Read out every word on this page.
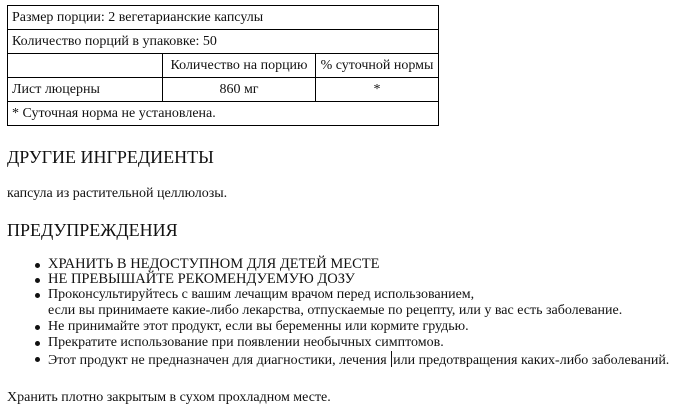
Размер порции: 2 вегетарианские капсулы		
Количество порций в упаковке: 50		
	Количество на порцию	% суточной нормы
Лист люцерны	860 мг	*
* Суточная норма не установлена.		
ДРУГИЕ ИНГРЕДИЕНТЫ

капсула из растительной целлюлозы.

ПРЕДУПРЕЖДЕНИЯ
ХРАНИТЬ В НЕДОСТУПНОМ ДЛЯ ДЕТЕЙ МЕСТЕ
НЕ ПРЕВЫШАЙТЕ РЕКОМЕНДУЕМУЮ ДОЗУ
Проконсультируйтесь с вашим лечащим врачом перед использованием,
если вы принимаете какие-либо лекарства, отпускаемые по рецепту, или у вас есть заболевание.
Не принимайте этот продукт, если вы беременны или кормите грудью.
Прекратите использование при появлении необычных симптомов.
Этот продукт не предназначен для диагностики, лечения или предотвращения каких-либо заболеваний.

Хранить плотно закрытым в сухом прохладном месте.
